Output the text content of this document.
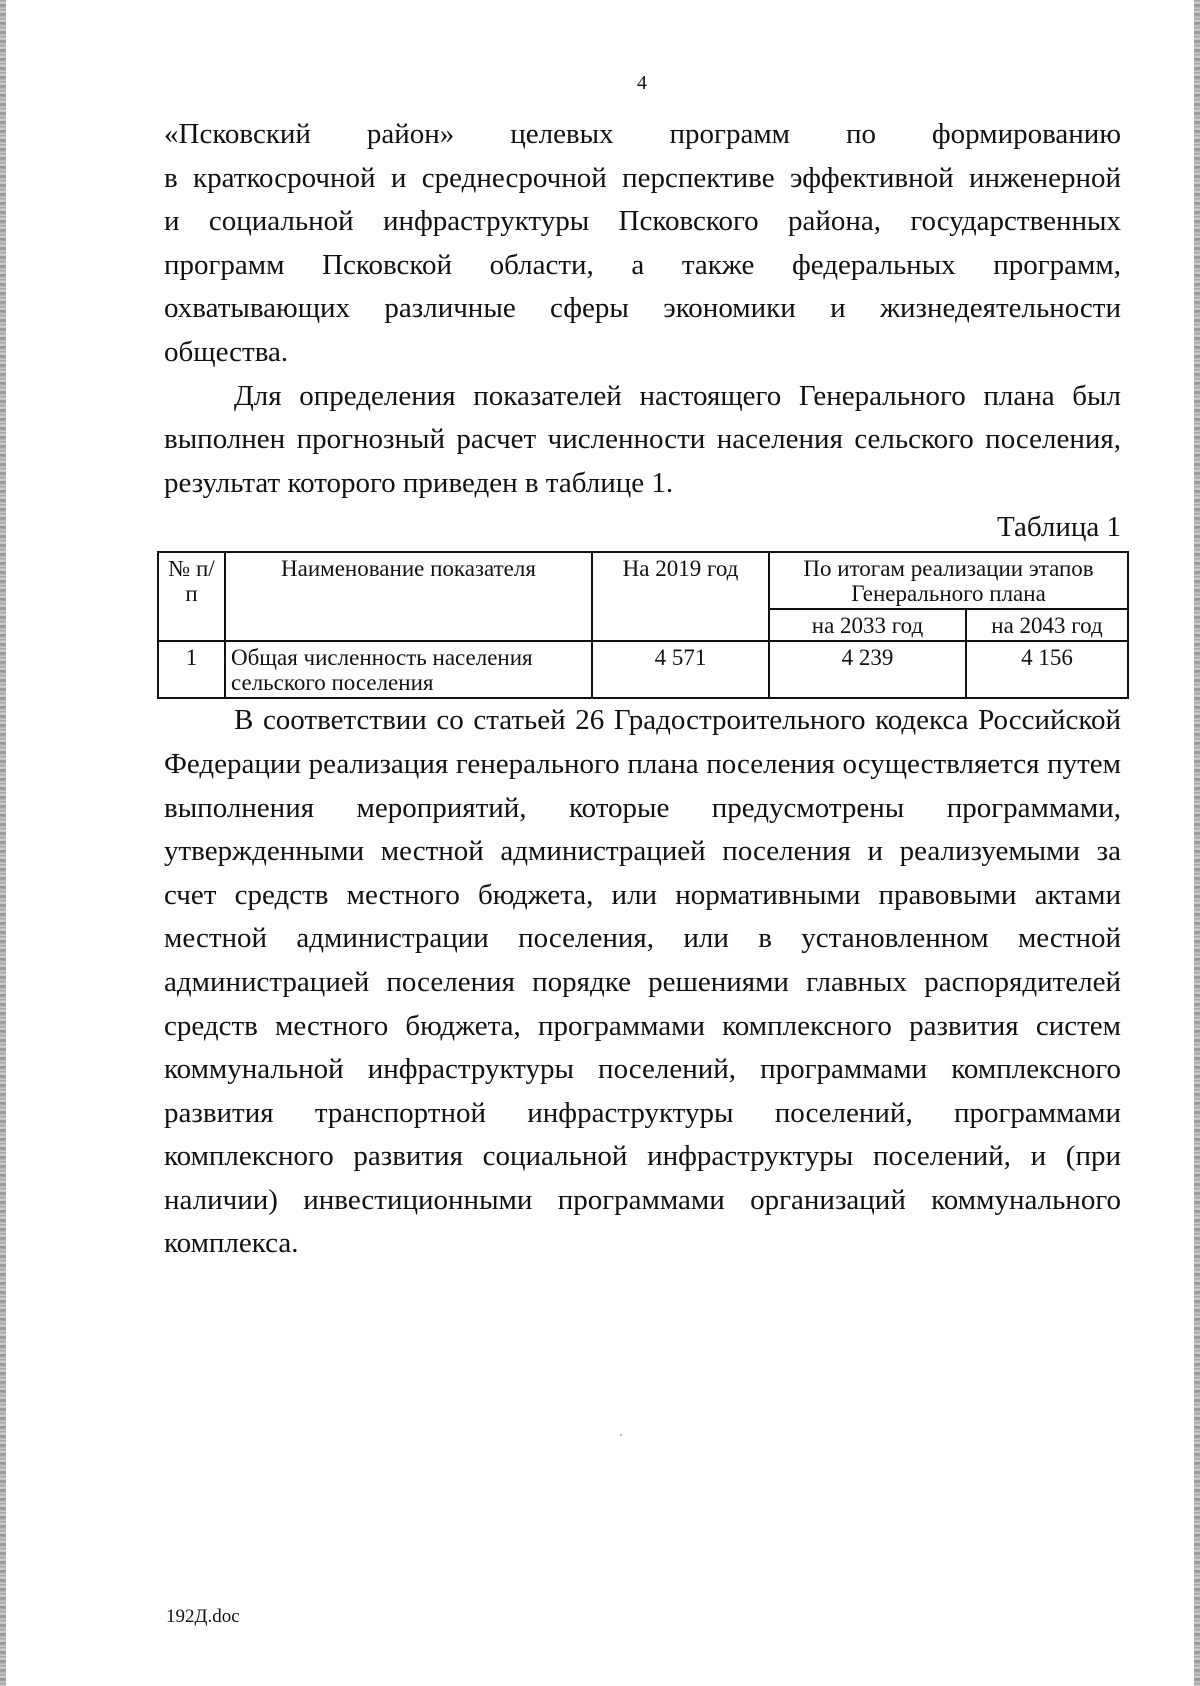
4
«Псковский район» целевых программ по формированию
в краткосрочной и среднесрочной перспективе эффективной инженерной
и социальной инфраструктуры Псковского района, государственных
программ Псковской области, а также федеральных программ,
охватывающих различные сферы экономики и жизнедеятельности
общества.

Для определения показателей настоящего Генерального плана был выполнен прогнозный расчет численности населения сельского поселения, результат которого приведен в таблице 1.

Таблица 1
№ п/п	Наименование показателя	На 2019 год	По итогам реализации этапов Генерального плана	
			на 2033 год	на 2043 год
1	Общая численность населения сельского поселения	4 571	4 239	4 156

В соответствии со статьей 26 Градостроительного кодекса Российской Федерации реализация генерального плана поселения осуществляется путем выполнения мероприятий, которые предусмотрены программами, утвержденными местной администрацией поселения и реализуемыми за счет средств местного бюджета, или нормативными правовыми актами местной администрации поселения, или в установленном местной администрацией поселения порядке решениями главных распорядителей средств местного бюджета, программами комплексного развития систем коммунальной инфраструктуры поселений, программами комплексного развития транспортной инфраструктуры поселений, программами комплексного развития социальной инфраструктуры поселений, и (при наличии) инвестиционными программами организаций коммунального комплекса.

192Д.doc
